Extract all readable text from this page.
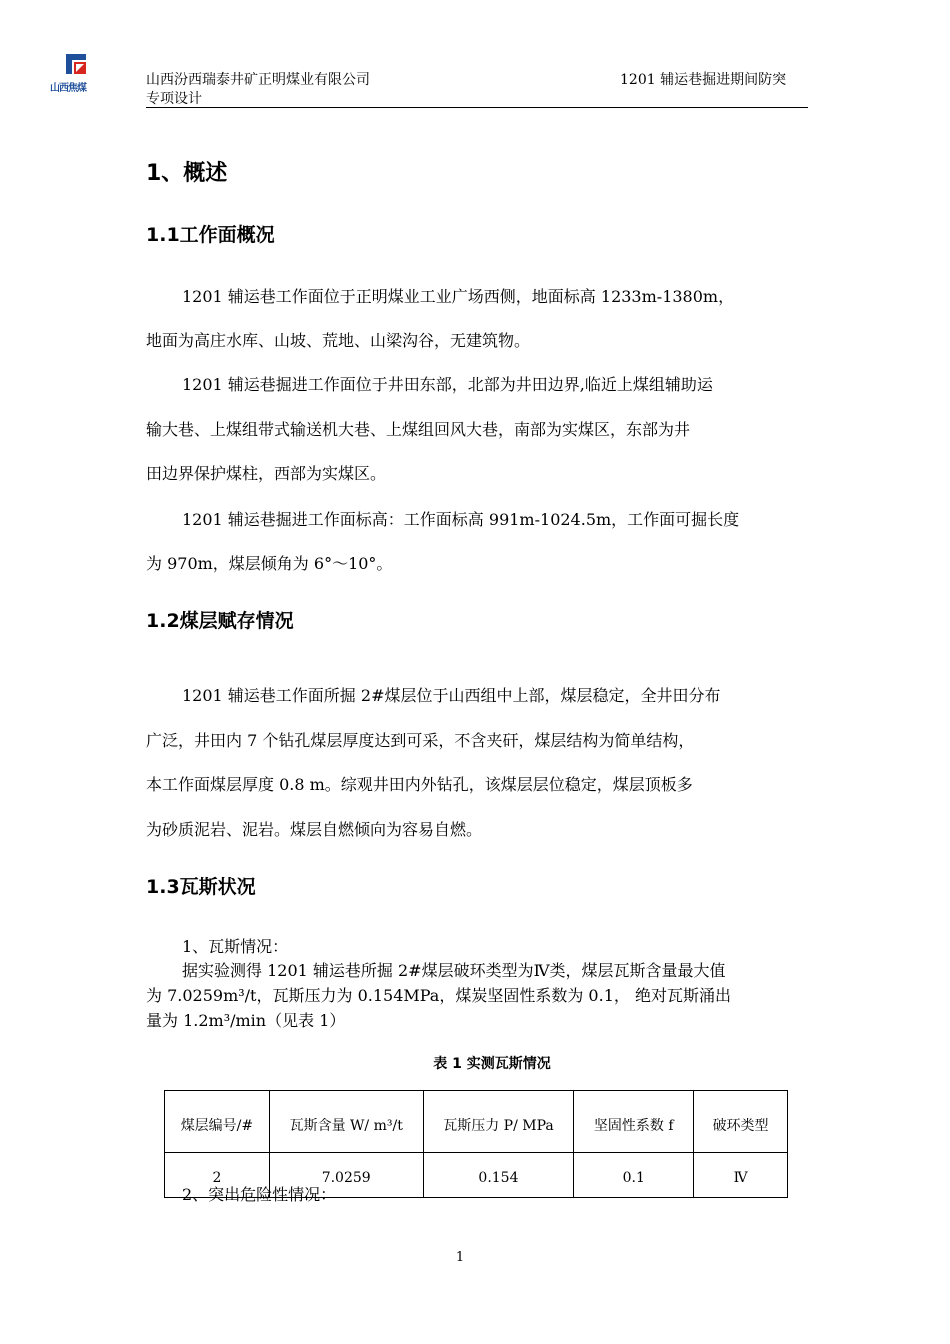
山西焦煤
山西汾西瑞泰井矿正明煤业有限公司
专项设计
1201 辅运巷掘进期间防突
1、概述
1.1工作面概况
1201 辅运巷工作面位于正明煤业工业广场西侧，地面标高 1233m-1380m，
地面为高庄水库、山坡、荒地、山梁沟谷，无建筑物。
1201 辅运巷掘进工作面位于井田东部，北部为井田边界,临近上煤组辅助运
输大巷、上煤组带式输送机大巷、上煤组回风大巷，南部为实煤区，东部为井
田边界保护煤柱，西部为实煤区。
1201 辅运巷掘进工作面标高：工作面标高 991m-1024.5m，工作面可掘长度
为 970m，煤层倾角为 6°～10°。
1.2煤层赋存情况
1201 辅运巷工作面所掘 2#煤层位于山西组中上部，煤层稳定，全井田分布
广泛，井田内 7 个钻孔煤层厚度达到可采，不含夹矸，煤层结构为简单结构，
本工作面煤层厚度 0.8 m。综观井田内外钻孔，该煤层层位稳定，煤层顶板多
为砂质泥岩、泥岩。煤层自燃倾向为容易自燃。
1.3瓦斯状况
1、瓦斯情况：
据实验测得 1201 辅运巷所掘 2#煤层破环类型为Ⅳ类，煤层瓦斯含量最大值
为 7.0259m³/t，瓦斯压力为 0.154MPa，煤炭坚固性系数为 0.1， 绝对瓦斯涌出
量为 1.2m³/min（见表 1）
表 1 实测瓦斯情况
煤层编号/#	瓦斯含量 W/ m³/t	瓦斯压力 P/ MPa	坚固性系数 f	破环类型
2	7.0259	0.154	0.1	Ⅳ
2、突出危险性情况：
1
